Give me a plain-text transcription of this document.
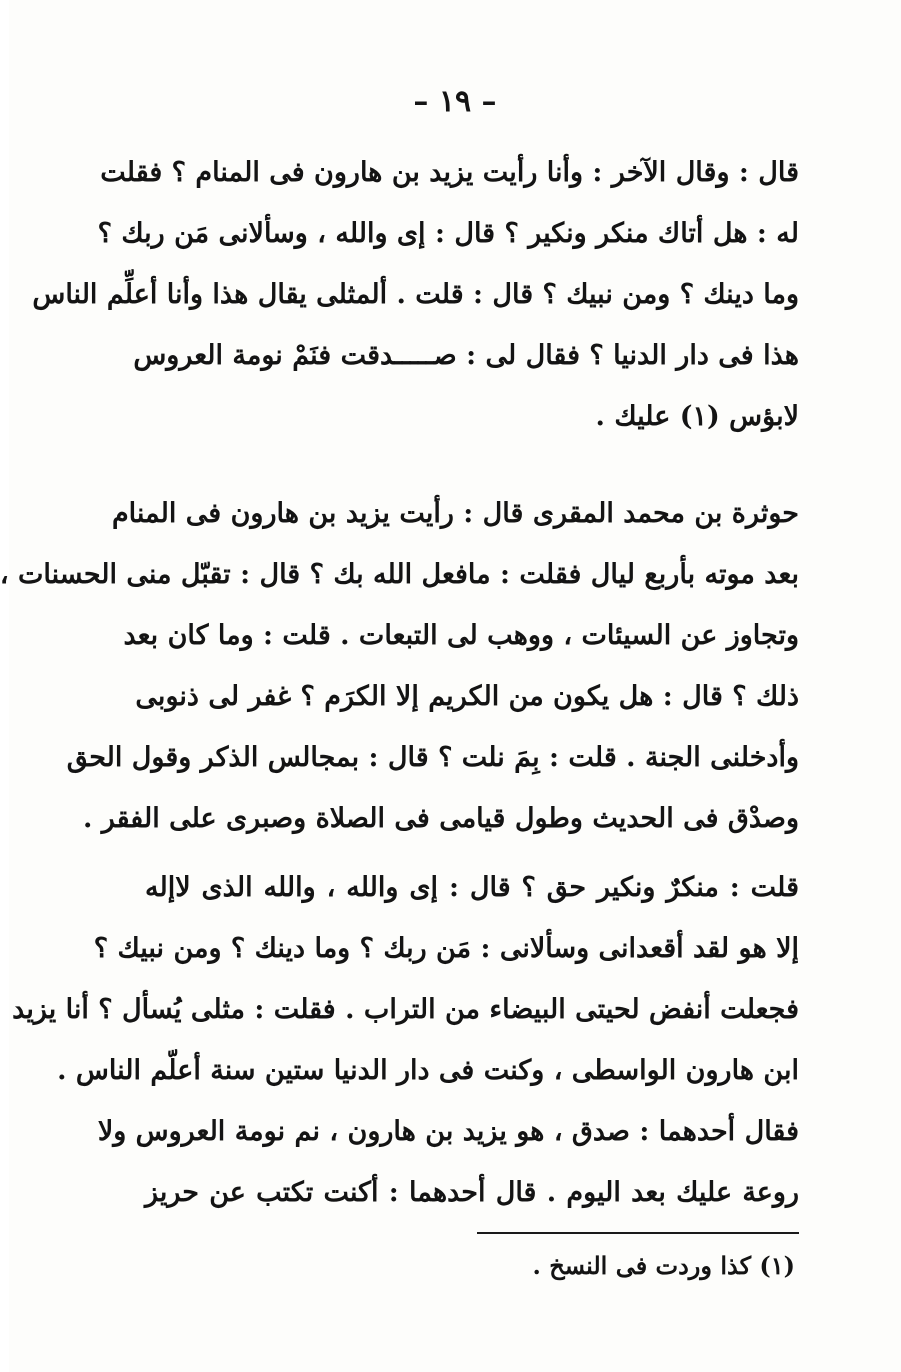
– ١٩ –
قال : وقال الآخر : وأنا رأيت يزيد بن هارون فى المنام ؟ فقلت
له : هل أتاك منكر ونكير ؟ قال : إى والله ، وسألانى مَن ربك ؟
وما دينك ؟ ومن نبيك ؟ قال : قلت . ألمثلى يقال هذا وأنا أعلِّم الناس
هذا فى دار الدنيا ؟ فقال لى : صـــــدقت فنَمْ نومة العروس
لابؤس (١) عليك .
حوثرة بن محمد المقرى قال : رأيت يزيد بن هارون فى المنام
بعد موته بأربع ليال فقلت : مافعل الله بك ؟ قال : تقبّل منى الحسنات ،
وتجاوز عن السيئات ، ووهب لى التبعات . قلت : وما كان بعد
ذلك ؟ قال : هل يكون من الكريم إلا الكرَم ؟ غفر لى ذنوبى
وأدخلنى الجنة . قلت : بِمَ نلت ؟ قال : بمجالس الذكر وقول الحق
وصدْق فى الحديث وطول قيامى فى الصلاة وصبرى على الفقر .
قلت : منكرٌ ونكير حق ؟ قال : إى والله ، والله الذى لاإله
إلا هو لقد أقعدانى وسألانى : مَن ربك ؟ وما دينك ؟ ومن نبيك ؟
فجعلت أنفض لحيتى البيضاء من التراب . فقلت : مثلى يُسأل ؟ أنا يزيد
ابن هارون الواسطى ، وكنت فى دار الدنيا ستين سنة أعلّم الناس .
فقال أحدهما : صدق ، هو يزيد بن هارون ، نم نومة العروس ولا
روعة عليك بعد اليوم . قال أحدهما : أكنت تكتب عن حريز
(١) كذا وردت فى النسخ .
